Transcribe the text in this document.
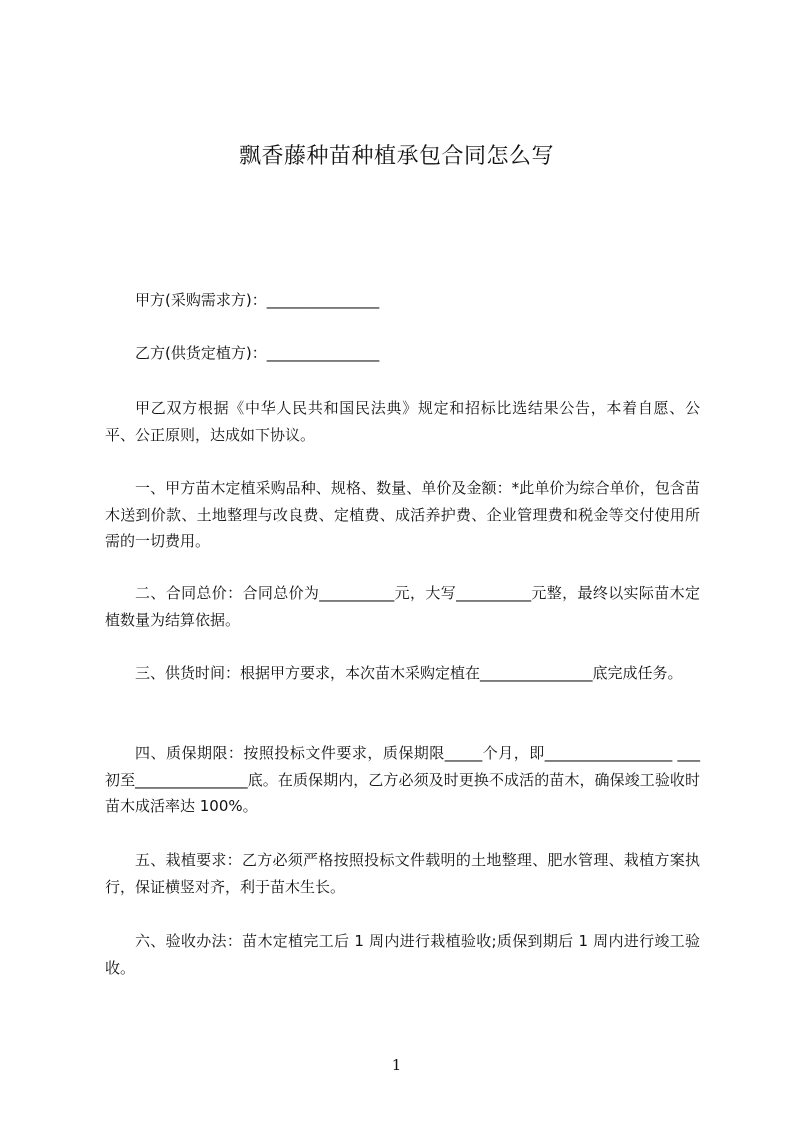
飘香藤种苗种植承包合同怎么写

甲方(采购需求方)：_______________

乙方(供货定植方)：_______________

甲乙双方根据《中华人民共和国民法典》规定和招标比选结果公告，本着自愿、公平、公正原则，达成如下协议。

一、甲方苗木定植采购品种、规格、数量、单价及金额：*此单价为综合单价，包含苗木送到价款、土地整理与改良费、定植费、成活养护费、企业管理费和税金等交付使用所需的一切费用。

二、合同总价：合同总价为__________元，大写__________元整，最终以实际苗木定植数量为结算依据。

三、供货时间：根据甲方要求，本次苗木采购定植在_______________底完成任务。

四、质保期限：按照投标文件要求，质保期限_____个月，即_________________ ___初至_______________底。在质保期内，乙方必须及时更换不成活的苗木，确保竣工验收时苗木成活率达 100%。

五、栽植要求：乙方必须严格按照投标文件载明的土地整理、肥水管理、栽植方案执行，保证横竖对齐，利于苗木生长。

六、验收办法：苗木定植完工后 1 周内进行栽植验收;质保到期后 1 周内进行竣工验收。

1
